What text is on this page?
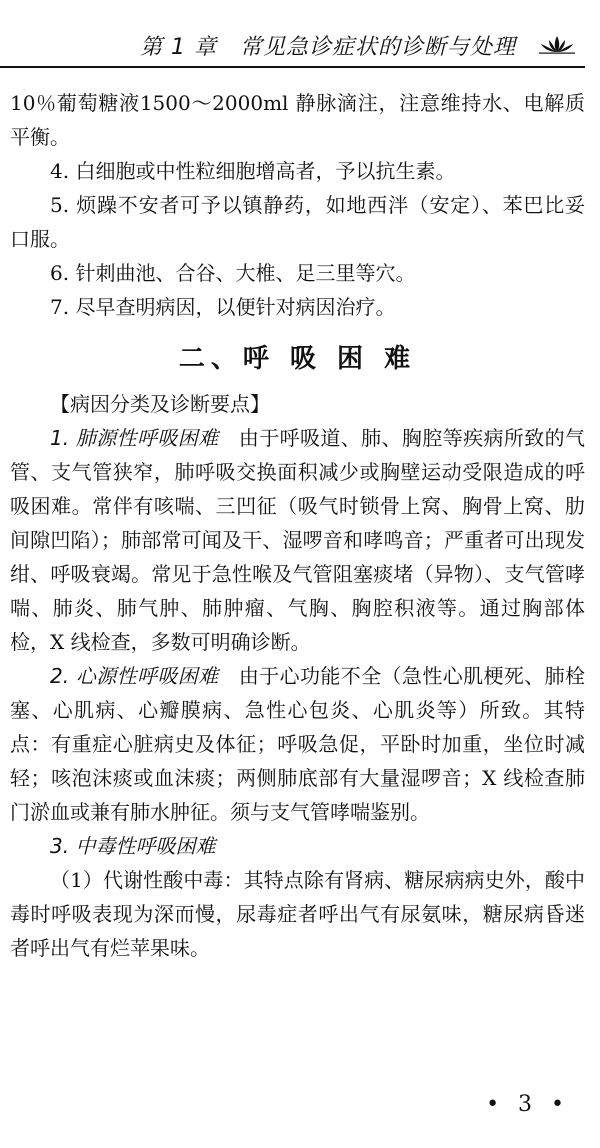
第 1 章　常见急诊症状的诊断与处理

10％葡萄糖液1500～2000ml 静脉滴注，注意维持水、电解质平衡。

4. 白细胞或中性粒细胞增高者，予以抗生素。

5. 烦躁不安者可予以镇静药，如地西泮（安定）、苯巴比妥口服。

6. 针刺曲池、合谷、大椎、足三里等穴。

7. 尽早查明病因，以便针对病因治疗。

二、呼 吸 困 难

【病因分类及诊断要点】

1. 肺源性呼吸困难　由于呼吸道、肺、胸腔等疾病所致的气管、支气管狭窄，肺呼吸交换面积减少或胸壁运动受限造成的呼吸困难。常伴有咳喘、三凹征（吸气时锁骨上窝、胸骨上窝、肋间隙凹陷）；肺部常可闻及干、湿啰音和哮鸣音；严重者可出现发绀、呼吸衰竭。常见于急性喉及气管阻塞痰堵（异物）、支气管哮喘、肺炎、肺气肿、肺肿瘤、气胸、胸腔积液等。通过胸部体检，X 线检查，多数可明确诊断。

2. 心源性呼吸困难　由于心功能不全（急性心肌梗死、肺栓塞、心肌病、心瓣膜病、急性心包炎、心肌炎等）所致。其特点：有重症心脏病史及体征；呼吸急促，平卧时加重，坐位时减轻；咳泡沫痰或血沫痰；两侧肺底部有大量湿啰音；X 线检查肺门淤血或兼有肺水肿征。须与支气管哮喘鉴别。

3. 中毒性呼吸困难

（1）代谢性酸中毒：其特点除有肾病、糖尿病病史外，酸中毒时呼吸表现为深而慢，尿毒症者呼出气有尿氨味，糖尿病昏迷者呼出气有烂苹果味。

• 3 •
